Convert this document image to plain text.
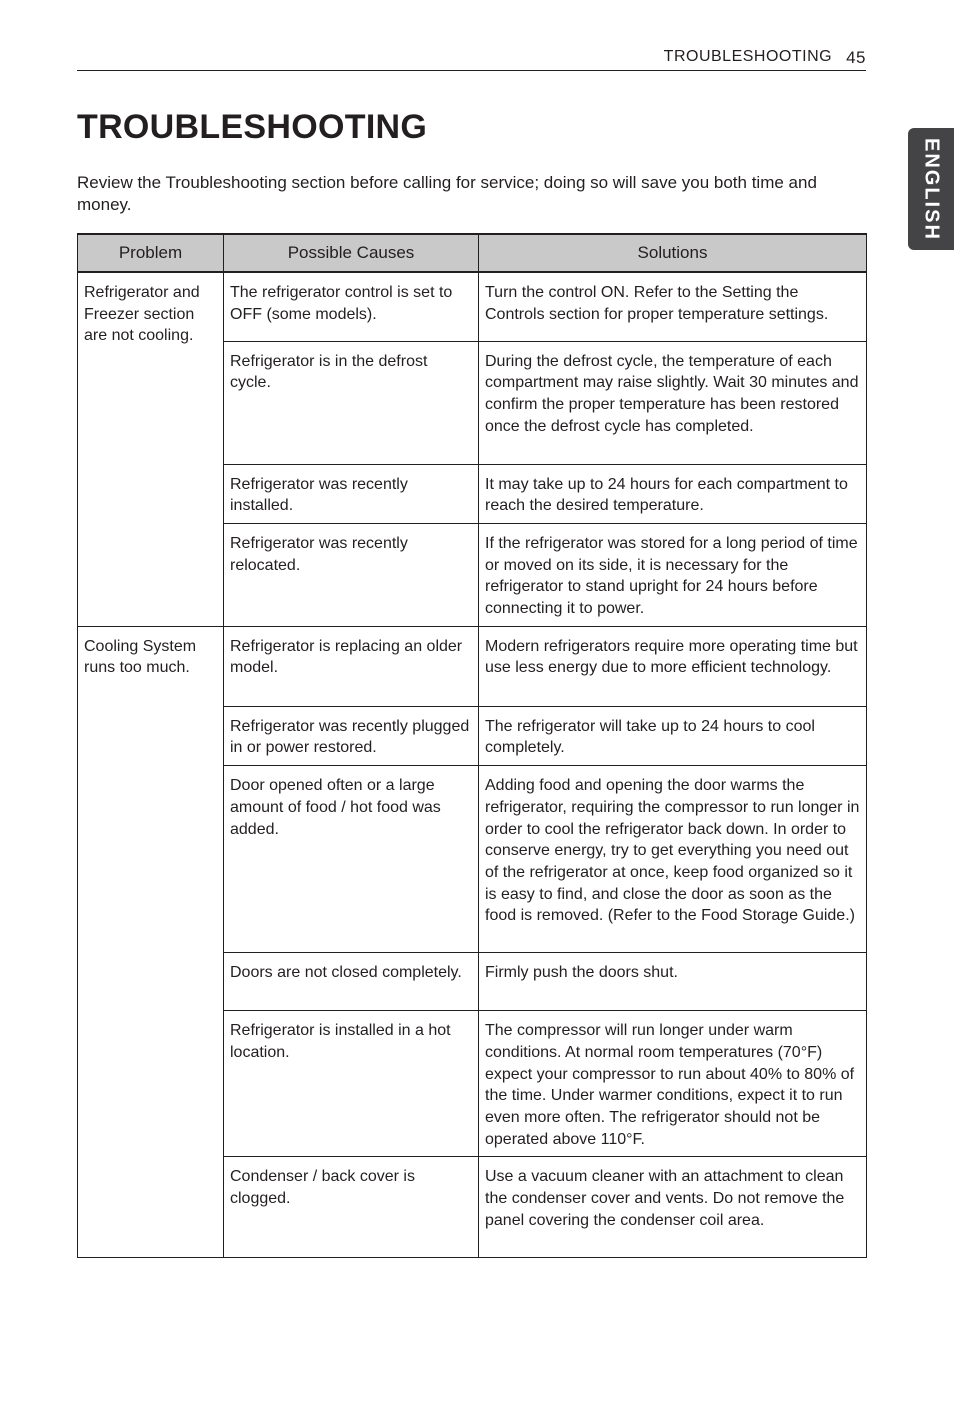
TROUBLESHOOTING 45
ENGLISH
TROUBLESHOOTING

Review the Troubleshooting section before calling for service; doing so will save you both time and money.

Problem	Possible Causes	Solutions
Refrigerator and Freezer section are not cooling.	The refrigerator control is set to OFF (some models).	Turn the control ON. Refer to the Setting the Controls section for proper temperature settings.
	Refrigerator is in the defrost cycle.	During the defrost cycle, the temperature of each compartment may raise slightly. Wait 30 minutes and confirm the proper temperature has been restored once the defrost cycle has completed.
	Refrigerator was recently installed.	It may take up to 24 hours for each compartment to reach the desired temperature.
	Refrigerator was recently relocated.	If the refrigerator was stored for a long period of time or moved on its side, it is necessary for the refrigerator to stand upright for 24 hours before connecting it to power.
Cooling System runs too much.	Refrigerator is replacing an older model.	Modern refrigerators require more operating time but use less energy due to more efficient technology.
	Refrigerator was recently plugged in or power restored.	The refrigerator will take up to 24 hours to cool completely.
	Door opened often or a large amount of food / hot food was added.	Adding food and opening the door warms the refrigerator, requiring the compressor to run longer in order to cool the refrigerator back down. In order to conserve energy, try to get everything you need out of the refrigerator at once, keep food organized so it is easy to find, and close the door as soon as the food is removed. (Refer to the Food Storage Guide.)
	Doors are not closed completely.	Firmly push the doors shut.
	Refrigerator is installed in a hot location.	The compressor will run longer under warm conditions. At normal room temperatures (70°F) expect your compressor to run about 40% to 80% of the time. Under warmer conditions, expect it to run even more often. The refrigerator should not be operated above 110°F.
	Condenser / back cover is clogged.	Use a vacuum cleaner with an attachment to clean the condenser cover and vents. Do not remove the panel covering the condenser coil area.
